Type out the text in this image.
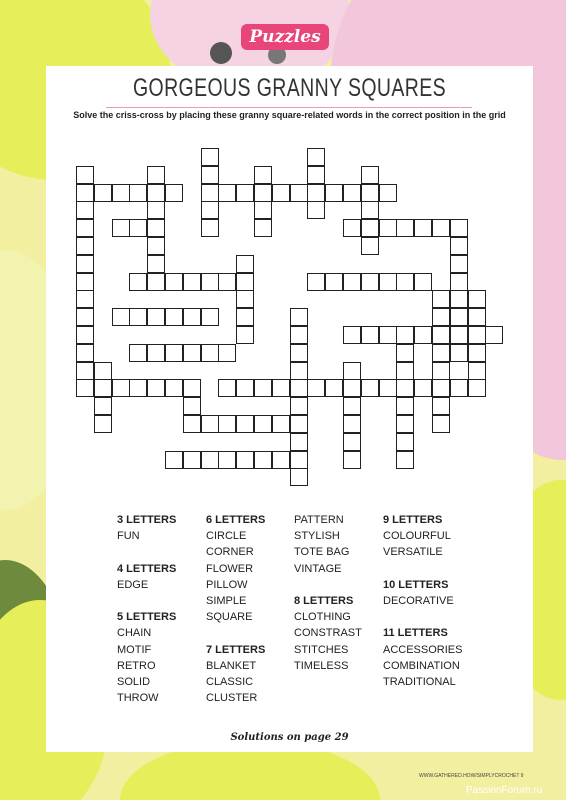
Puzzles
GORGEOUS GRANNY SQUARES
Solve the criss-cross by placing these granny square-related words in the correct position in the grid
3 LETTERS
FUN
4 LETTERS
EDGE
5 LETTERS
CHAIN
MOTIF
RETRO
SOLID
THROW
6 LETTERS
CIRCLE
CORNER
FLOWER
PILLOW
SIMPLE
SQUARE
7 LETTERS
BLANKET
CLASSIC
CLUSTER
PATTERN
STYLISH
TOTE BAG
VINTAGE
8 LETTERS
CLOTHING
CONSTRAST
STITCHES
TIMELESS
9 LETTERS
COLOURFUL
VERSATILE
10 LETTERS
DECORATIVE
11 LETTERS
ACCESSORIES
COMBINATION
TRADITIONAL
Solutions on page 29
WWW.GATHERED.HOW/SIMPLYCROCHET 9
PassionForum.ru
